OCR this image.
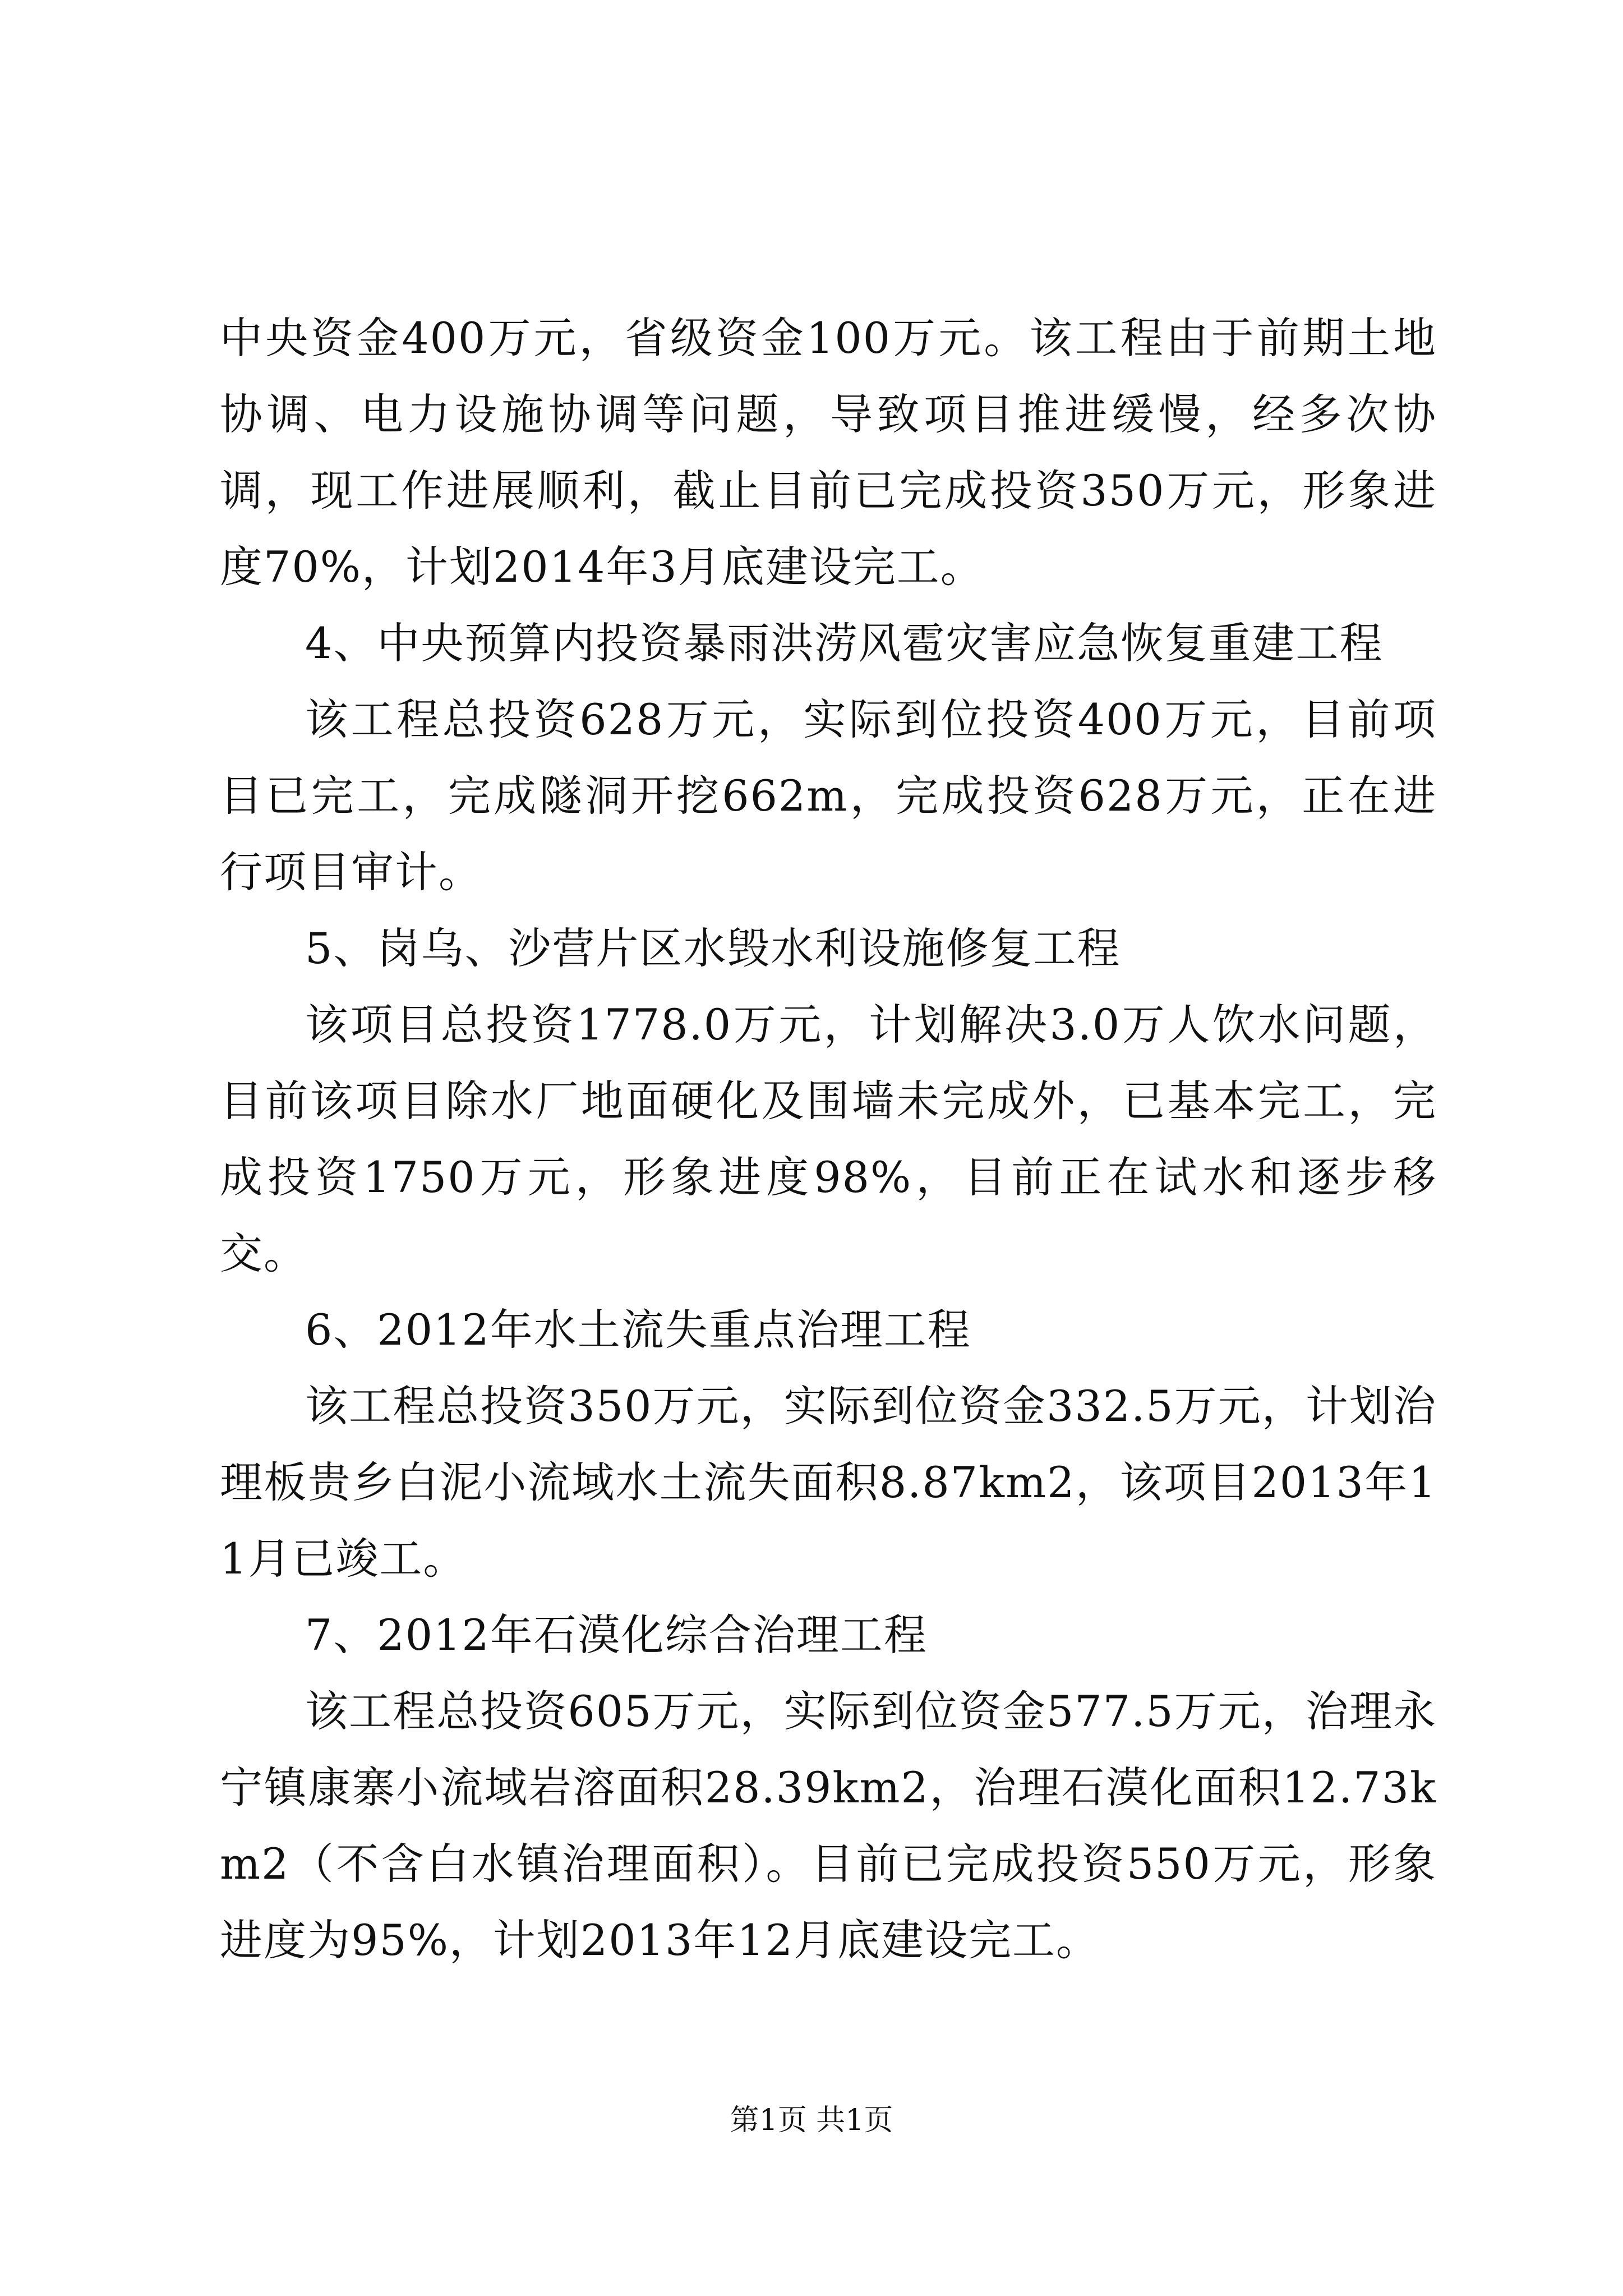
中央资金400万元，省级资金100万元。该工程由于前期土地协调、电力设施协调等问题，导致项目推进缓慢，经多次协调，现工作进展顺利，截止目前已完成投资350万元，形象进度70%，计划2014年3月底建设完工。

4、中央预算内投资暴雨洪涝风雹灾害应急恢复重建工程

该工程总投资628万元，实际到位投资400万元，目前项目已完工，完成隧洞开挖662m，完成投资628万元，正在进行项目审计。

5、岗乌、沙营片区水毁水利设施修复工程

该项目总投资1778.0万元，计划解决3.0万人饮水问题，目前该项目除水厂地面硬化及围墙未完成外，已基本完工，完成投资1750万元，形象进度98%，目前正在试水和逐步移交。

6、2012年水土流失重点治理工程

该工程总投资350万元，实际到位资金332.5万元，计划治理板贵乡白泥小流域水土流失面积8.87km2，该项目2013年11月已竣工。

7、2012年石漠化综合治理工程

该工程总投资605万元，实际到位资金577.5万元，治理永宁镇康寨小流域岩溶面积28.39km2，治理石漠化面积12.73km2（不含白水镇治理面积）。目前已完成投资550万元，形象进度为95%，计划2013年12月底建设完工。

第1页 共1页
